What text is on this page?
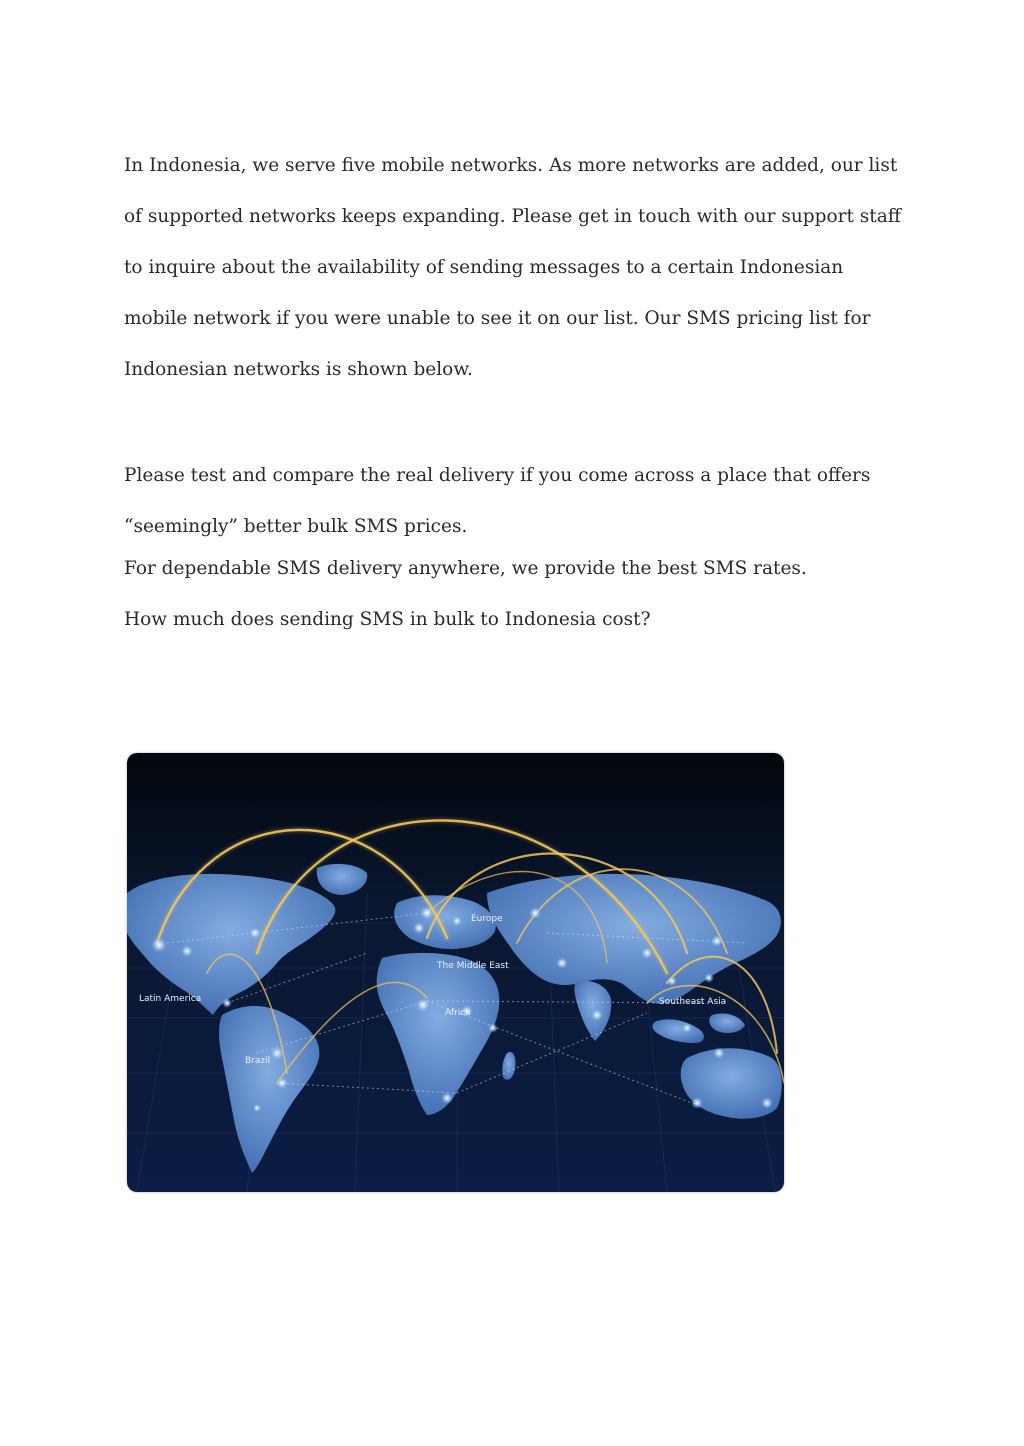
In Indonesia, we serve five mobile networks. As more networks are added, our list of supported networks keeps expanding. Please get in touch with our support staff to inquire about the availability of sending messages to a certain Indonesian mobile network if you were unable to see it on our list. Our SMS pricing list for Indonesian networks is shown below.

Please test and compare the real delivery if you come across a place that offers “seemingly” better bulk SMS prices.

For dependable SMS delivery anywhere, we provide the best SMS rates.

How much does sending SMS in bulk to Indonesia cost?

Latin America
Brazil
Europe
The Middle East
Africa
Southeast Asia
